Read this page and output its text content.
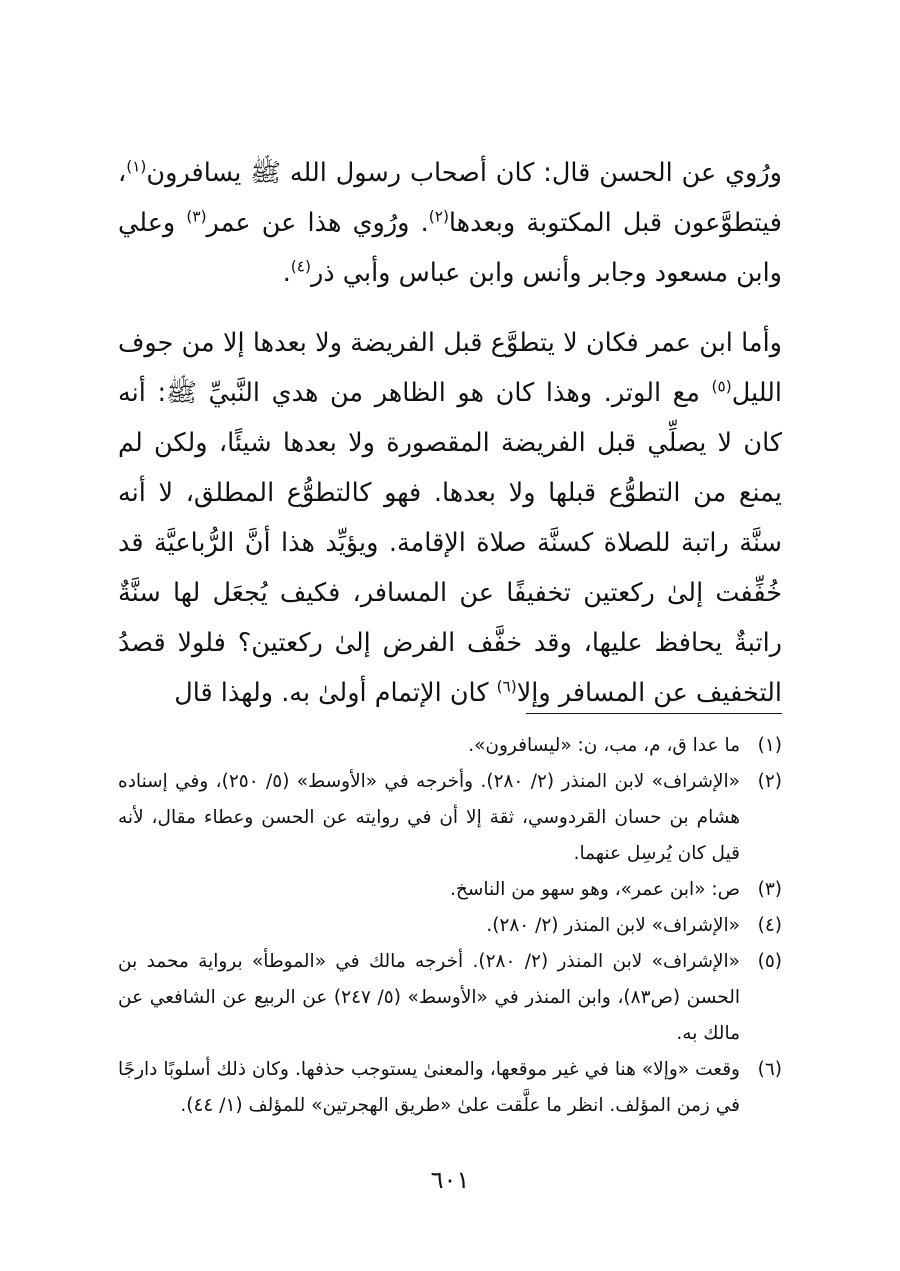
ورُوي عن الحسن قال: كان أصحاب رسول الله ﷺ يسافرون$^{(١)}$، فيتطوَّعون قبل المكتوبة وبعدها$^{(٢)}$. ورُوي هذا عن عمر$^{(٣)}$ وعلي وابن مسعود وجابر وأنس وابن عباس وأبي ذر$^{(٤)}$.

وأما ابن عمر فكان لا يتطوَّع قبل الفريضة ولا بعدها إلا من جوف الليل$^{(٥)}$ مع الوتر. وهذا كان هو الظاهر من هدي النَّبيِّ ﷺ: أنه كان لا يصلِّي قبل الفريضة المقصورة ولا بعدها شيئًا، ولكن لم يمنع من التطوُّع قبلها ولا بعدها. فهو كالتطوُّع المطلق، لا أنه سنَّة راتبة للصلاة كسنَّة صلاة الإقامة. ويؤيِّد هذا أنَّ الرُّباعيَّة قد خُفِّفت إلىٰ ركعتين تخفيفًا عن المسافر، فكيف يُجعَل لها سنَّةٌ راتبةٌ يحافظ عليها، وقد خفَّف الفرض إلىٰ ركعتين؟ فلولا قصدُ التخفيف عن المسافر وإلا$^{(٦)}$ كان الإتمام أولىٰ به. ولهذا قال

(١)
ما عدا ق، م، مب، ن: «ليسافرون».
(٢)
«الإشراف» لابن المنذر (٢/ ٢٨٠). وأخرجه في «الأوسط» (٥/ ٢٥٠)، وفي إسناده هشام بن حسان القردوسي، ثقة إلا أن في روايته عن الحسن وعطاء مقال، لأنه قيل كان يُرسِل عنهما.
(٣)
ص: «ابن عمر»، وهو سهو من الناسخ.
(٤)
«الإشراف» لابن المنذر (٢/ ٢٨٠).
(٥)
«الإشراف» لابن المنذر (٢/ ٢٨٠). أخرجه مالك في «الموطأ» برواية محمد بن الحسن (ص٨٣)، وابن المنذر في «الأوسط» (٥/ ٢٤٧) عن الربيع عن الشافعي عن مالك به.
(٦)
وقعت «وإلا» هنا في غير موقعها، والمعنىٰ يستوجب حذفها. وكان ذلك أسلوبًا دارجًا في زمن المؤلف. انظر ما علَّقت علىٰ «طريق الهجرتين» للمؤلف (١/ ٤٤).
٦٠١
